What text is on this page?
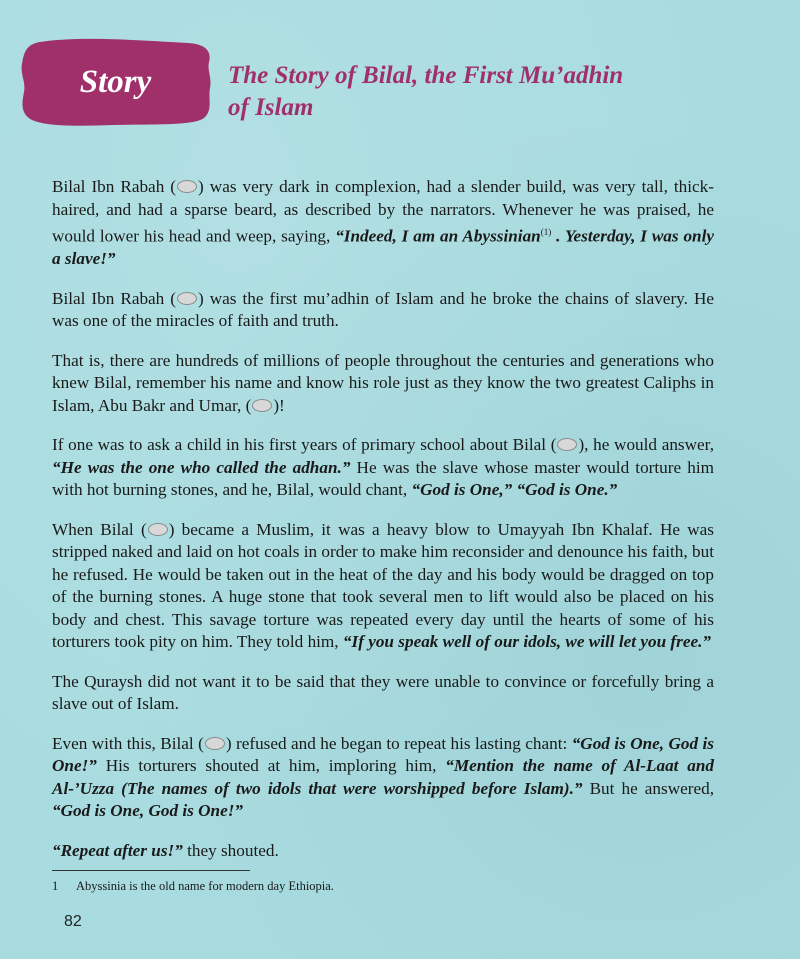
Story	The Story of Bilal, the First Mu’adhin
of Islam

Bilal Ibn Rabah ( ) was very dark in complexion, had a slender build, was very tall, thick-haired, and had a sparse beard, as described by the narrators. Whenever he was praised, he would lower his head and weep, saying, “Indeed, I am an Abyssinian$^{(1)}$ . Yesterday, I was only a slave!”

Bilal Ibn Rabah ( ) was the first mu’adhin of Islam and he broke the chains of slavery. He was one of the miracles of faith and truth.

That is, there are hundreds of millions of people throughout the centuries and generations who knew Bilal, remember his name and know his role just as they know the two greatest Caliphs in Islam, Abu Bakr and Umar, ( )!

If one was to ask a child in his first years of primary school about Bilal ( ), he would answer, “He was the one who called the adhan.” He was the slave whose master would torture him with hot burning stones, and he, Bilal, would chant, “God is One,” “God is One.”

When Bilal ( ) became a Muslim, it was a heavy blow to Umayyah Ibn Khalaf. He was stripped naked and laid on hot coals in order to make him reconsider and denounce his faith, but he refused. He would be taken out in the heat of the day and his body would be dragged on top of the burning stones. A huge stone that took several men to lift would also be placed on his body and chest. This savage torture was repeated every day until the hearts of some of his torturers took pity on him. They told him, “If you speak well of our idols, we will let you free.”

The Quraysh did not want it to be said that they were unable to convince or forcefully bring a slave out of Islam.

Even with this, Bilal ( ) refused and he began to repeat his lasting chant: “God is One, God is One!” His torturers shouted at him, imploring him, “Mention the name of Al-Laat and Al-’Uzza (The names of two idols that were worshipped before Islam).” But he answered, “God is One, God is One!”

“Repeat after us!” they shouted.

1 Abyssinia is the old name for modern day Ethiopia.
82
